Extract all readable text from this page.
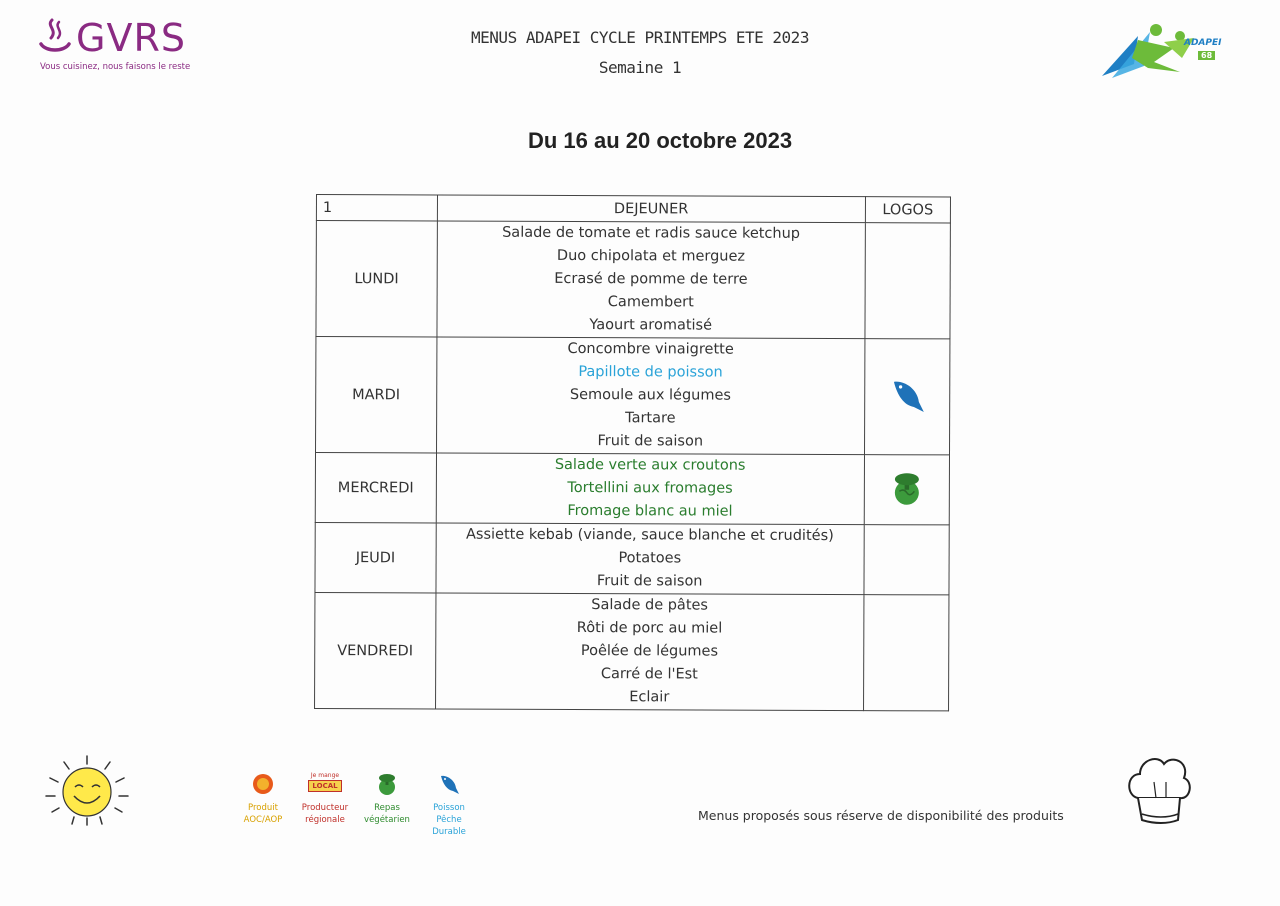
GVRS
Vous cuisinez, nous faisons le reste
MENUS ADAPEI CYCLE PRINTEMPS ETE 2023
Semaine 1
ADAPEI
68
Du 16 au 20 octobre 2023
1	DEJEUNER	LOGOS
LUNDI	Salade de tomate et radis sauce ketchup
Duo chipolata et merguez
Ecrasé de pomme de terre
Camembert
Yaourt aromatisé	

MARDI	Concombre vinaigrette
Papillote de poisson
Semoule aux légumes
Tartare
Fruit de saison

MERCREDI	Salade verte aux croutons
Tortellini aux fromages
Fromage blanc au miel

JEUDI	Assiette kebab (viande, sauce blanche et crudités)
Potatoes
Fruit de saison	

VENDREDI	Salade de pâtes
Rôti de porc au miel
Poêlée de légumes
Carré de l'Est
Eclair	

Produit
AOC/AOP
Je mange
LOCAL
Producteur
régionale
Repas
végétarien
Poisson
Pêche
Durable
Menus proposés sous réserve de disponibilité des produits
